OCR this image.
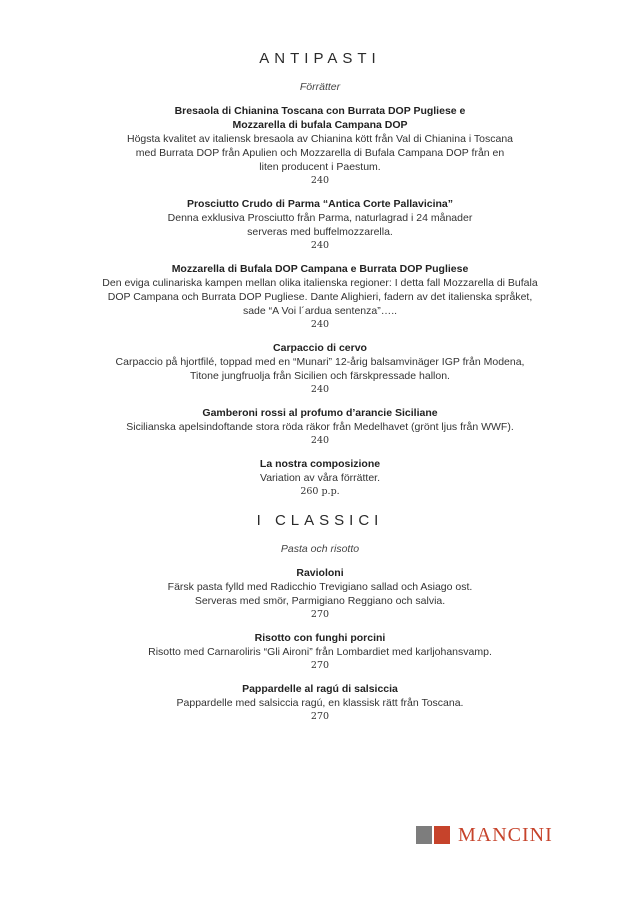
ANTIPASTI

Förrätter

Bresaola di Chianina Toscana con Burrata DOP Pugliese e Mozzarella di bufala Campana DOP
Högsta kvalitet av italiensk bresaola av Chianina kött från Val di Chianina i Toscana med Burrata DOP från Apulien och Mozzarella di Bufala Campana DOP från en liten producent i Paestum.
240
Prosciutto Crudo di Parma “Antica Corte Pallavicina”
Denna exklusiva Prosciutto från Parma, naturlagrad i 24 månader serveras med buffelmozzarella.
240
Mozzarella di Bufala DOP Campana e Burrata DOP Pugliese
Den eviga culinariska kampen mellan olika italienska regioner: I detta fall Mozzarella di Bufala DOP Campana och Burrata DOP Pugliese. Dante Alighieri, fadern av det italienska språket, sade “A Voi l´ardua sentenza”…..
240
Carpaccio di cervo
Carpaccio på hjortfilé, toppad med en “Munari” 12-årig balsamvinäger IGP från Modena, Titone jungfruolja från Sicilien och färskpressade hallon.
240
Gamberoni rossi al profumo d’arancie Siciliane
Sicilianska apelsindoftande stora röda räkor från Medelhavet (grönt ljus från WWF).
240
La nostra composizione
Variation av våra förrätter.
260 p.p.
I CLASSICI

Pasta och risotto

Ravioloni
Färsk pasta fylld med Radicchio Trevigiano sallad och Asiago ost. Serveras med smör, Parmigiano Reggiano och salvia.
270
Risotto con funghi porcini
Risotto med Carnaroliris “Gli Aironi” från Lombardiet med karljohansvamp.
270
Pappardelle al ragú di salsiccia
Pappardelle med salsiccia ragú, en klassisk rätt från Toscana.
270
MANCINI
